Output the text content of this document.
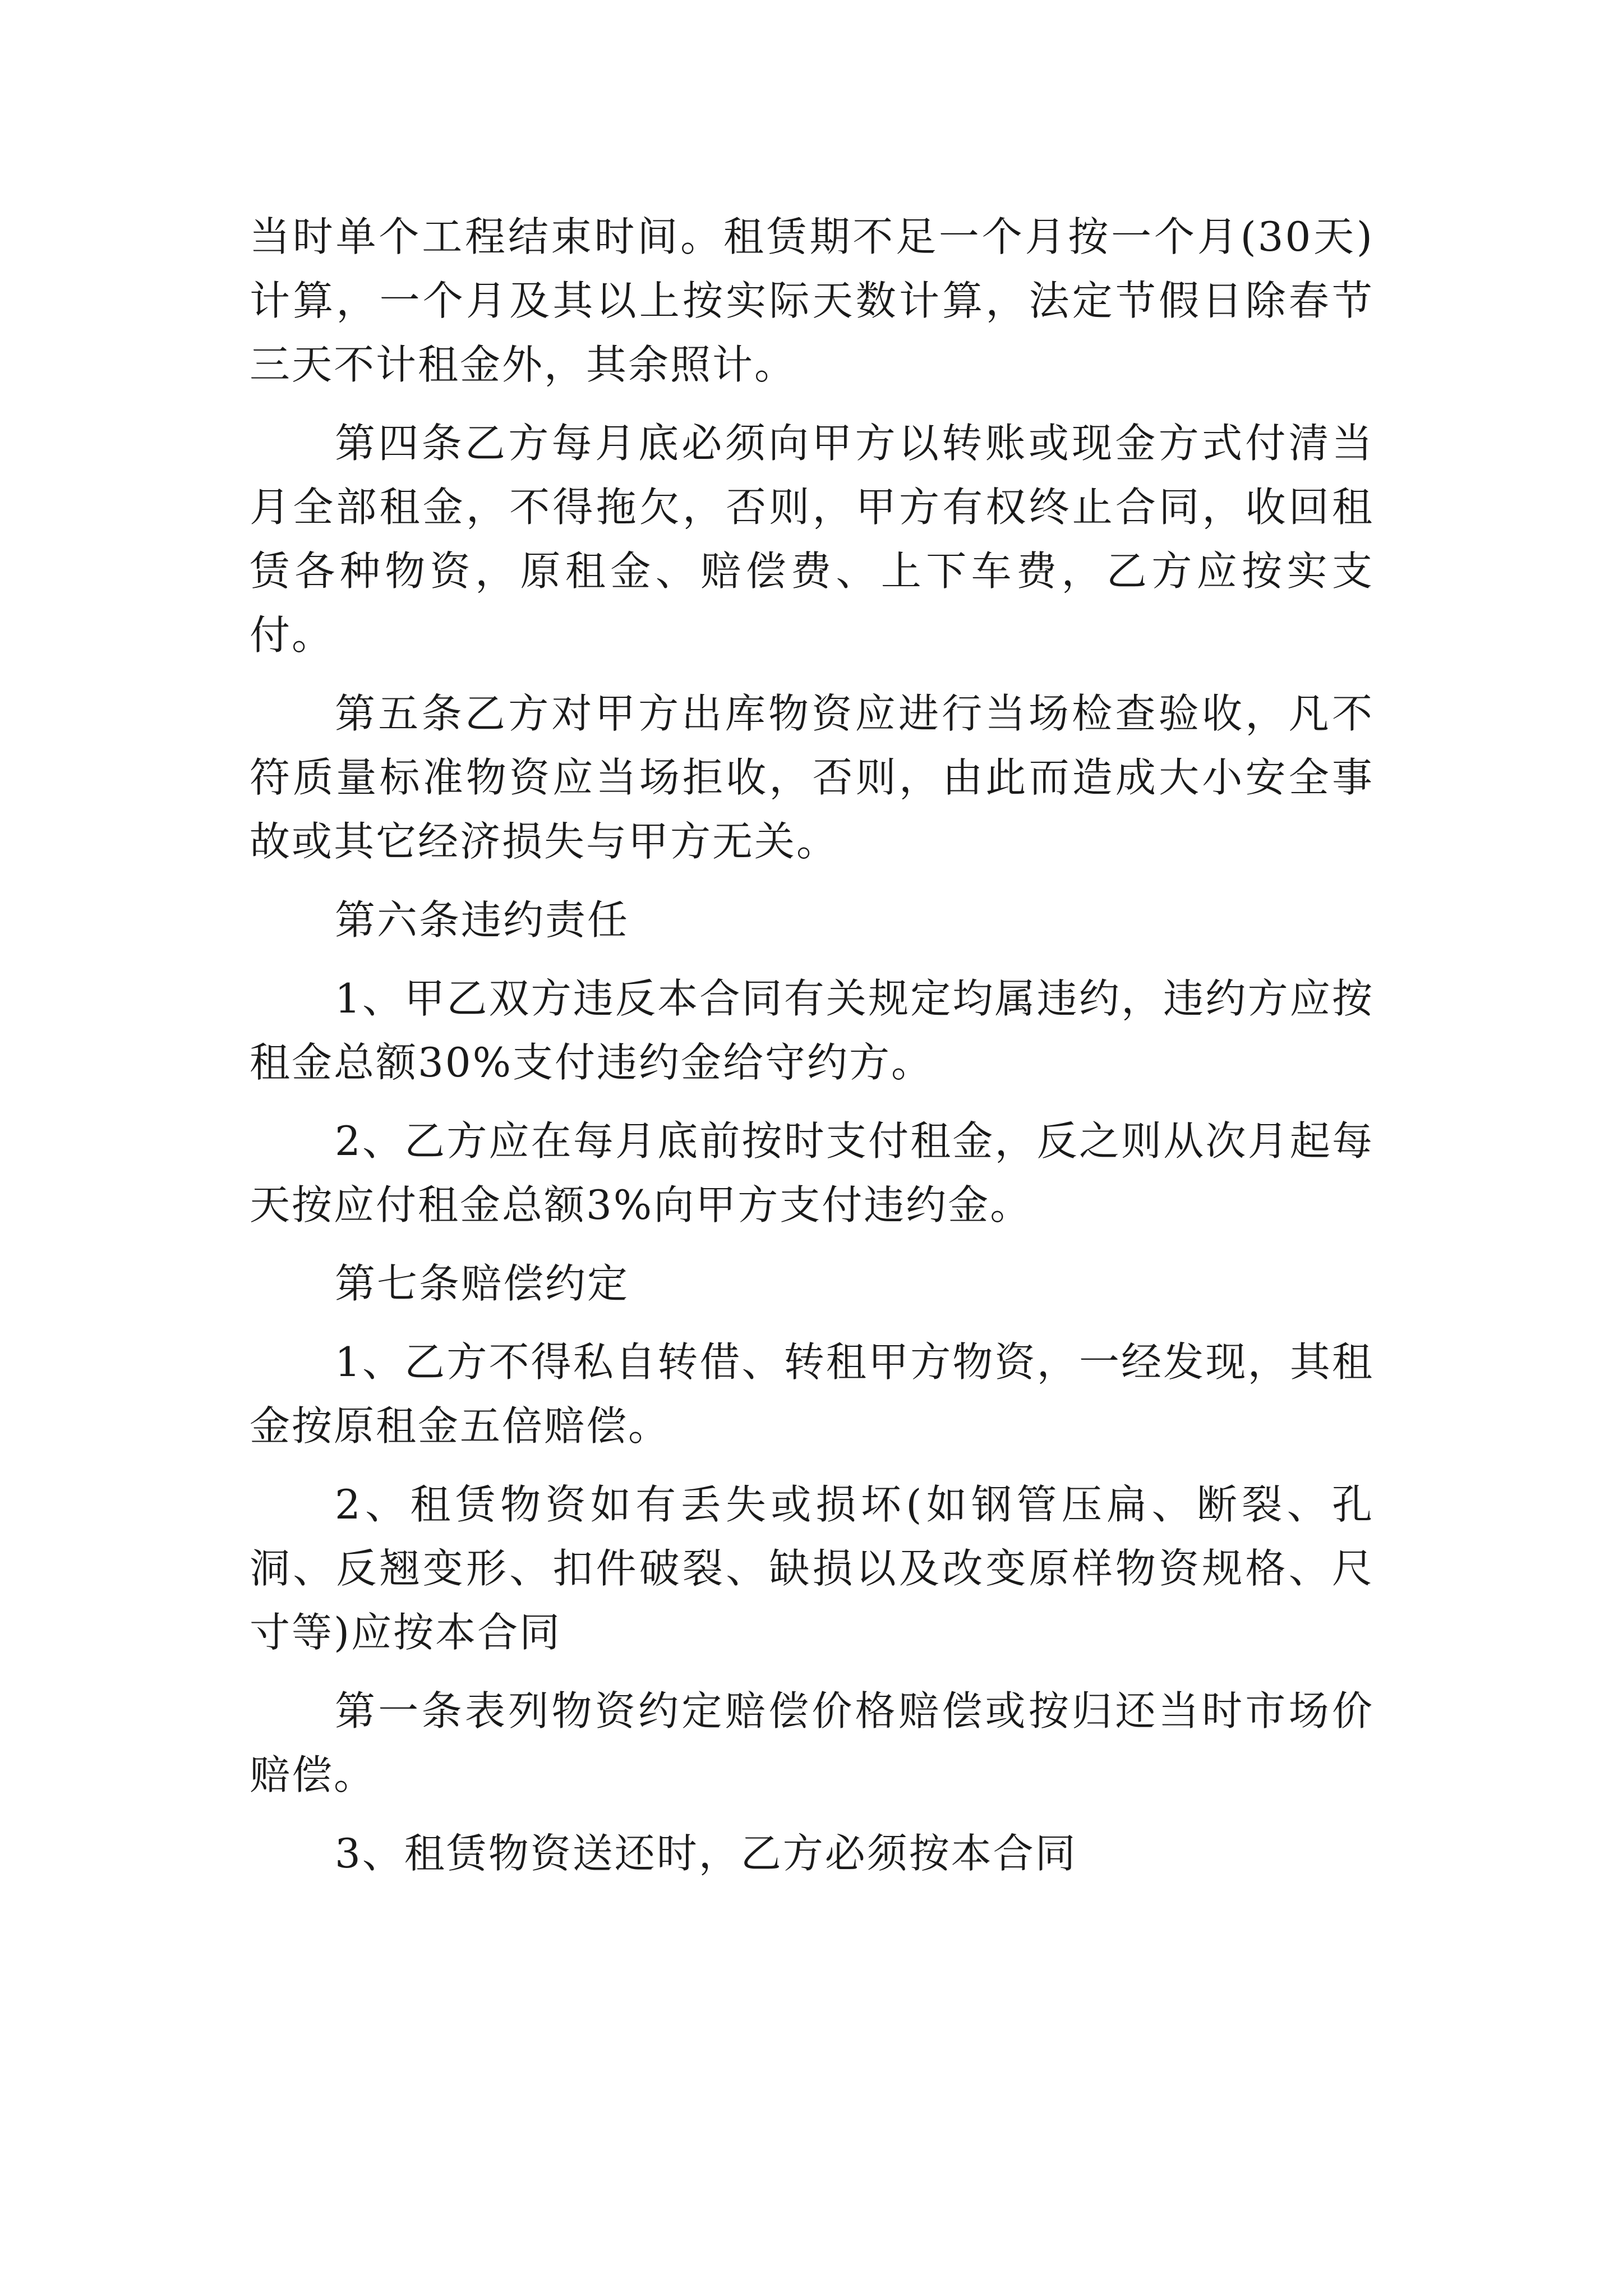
当时单个工程结束时间。租赁期不足一个月按一个月(30天)计算，一个月及其以上按实际天数计算，法定节假日除春节三天不计租金外，其余照计。

第四条乙方每月底必须向甲方以转账或现金方式付清当月全部租金，不得拖欠，否则，甲方有权终止合同，收回租赁各种物资，原租金、赔偿费、上下车费，乙方应按实支付。

第五条乙方对甲方出库物资应进行当场检查验收，凡不符质量标准物资应当场拒收，否则，由此而造成大小安全事故或其它经济损失与甲方无关。

第六条违约责任

1、甲乙双方违反本合同有关规定均属违约，违约方应按租金总额30%支付违约金给守约方。

2、乙方应在每月底前按时支付租金，反之则从次月起每天按应付租金总额3%向甲方支付违约金。

第七条赔偿约定

1、乙方不得私自转借、转租甲方物资，一经发现，其租金按原租金五倍赔偿。

2、租赁物资如有丢失或损坏(如钢管压扁、断裂、孔洞、反翘变形、扣件破裂、缺损以及改变原样物资规格、尺寸等)应按本合同

第一条表列物资约定赔偿价格赔偿或按归还当时市场价赔偿。

3、租赁物资送还时，乙方必须按本合同
